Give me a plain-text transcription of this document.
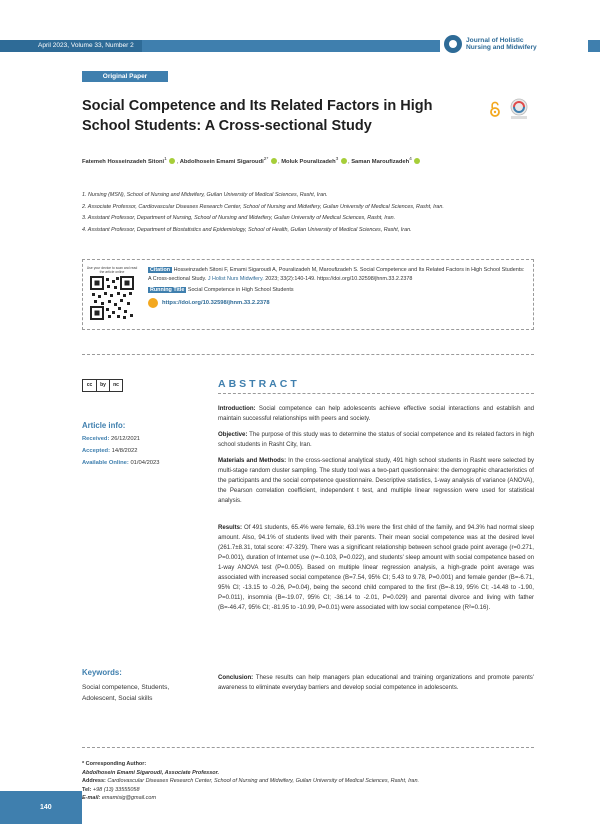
April 2023, Volume 33, Number 2
Journal of Holistic
Nursing and Midwifery
Original Paper
Social Competence and Its Related Factors in High School Students: A Cross-sectional Study
Fatemeh Hosseinzadeh Sitoni$^1$ , Abdolhosein Emami Sigaroudi$^{2*}$ , Moluk Pouralizadeh$^3$ , Saman Maroufizadeh$^4$
1. Nursing (MSN), School of Nursing and Midwifery, Guilan University of Medical Sciences, Rasht, Iran.
2. Associate Professor, Cardiovascular Diseases Research Center, School of Nursing and Midwifery, Guilan University of Medical Sciences, Rasht, Iran.
3. Assistant Professor, Department of Nursing, School of Nursing and Midwifery, Guilan University of Medical Sciences, Rasht, Iran.
4. Assistant Professor, Department of Biostatistics and Epidemiology, School of Health, Guilan University of Medical Sciences, Rasht, Iran.
Use your device to scan and read the article online	Citation Hosseinzadeh Sitoni F, Emami Sigaroudi A, Pouralizadeh M, Maroufizadeh S. Social Competence and Its Related Factors in High School Students: A Cross-sectional Study. J Holist Nurs Midwifery. 2023; 33(2):140-149. https://doi.org/10.32598/jhnm.33.2.2378
Running Title Social Competence in High School Students
https://doi.org/10.32598/jhnm.33.2.2378
cc	by	nc
Article info:
Received: 26/12/2021
Accepted: 14/8/2022
Available Online: 01/04/2023
Keywords:
Social competence, Students, Adolescent, Social skills
ABSTRACT
Introduction: Social competence can help adolescents achieve effective social interactions and establish and maintain successful relationships with peers and society.
Objective: The purpose of this study was to determine the status of social competence and its related factors in high school students in Rasht City, Iran.
Materials and Methods: In the cross-sectional analytical study, 491 high school students in Rasht were selected by multi-stage random cluster sampling. The study tool was a two-part questionnaire: the demographic characteristics of the participants and the social competence questionnaire. Descriptive statistics, 1-way analysis of variance (ANOVA), the Pearson correlation coefficient, independent t test, and multiple linear regression were used for statistical analysis.
Results: Of 491 students, 65.4% were female, 63.1% were the first child of the family, and 94.3% had normal sleep amount. Also, 94.1% of students lived with their parents. Their mean social competence was at the desired level (261.7±8.31, total score: 47-329). There was a significant relationship between school grade point average (r=0.271, P=0.001), duration of Internet use (r=-0.103, P=0.022), and students' sleep amount with social competence based on 1-way ANOVA test (P=0.005). Based on multiple linear regression analysis, a high-grade point average was associated with increased social competence (B=7.54, 95% CI; 5.43 to 9.78, P=0.001) and female gender (B=-6.71, 95% CI; -13.15 to -0.26, P=0.04), being the second child compared to the first (B=-8.19, 95% CI; -14.48 to -1.90, P=0.011), insomnia (B=-19.07, 95% CI; -36.14 to -2.01, P=0.029) and parental divorce and living with father (B=-46.47, 95% CI; -81.95 to -10.99, P=0.01) were associated with low social competence (R²=0.16).
Conclusion: These results can help managers plan educational and training organizations and promote parents' awareness to eliminate everyday barriers and develop social competence in adolescents.
* Corresponding Author:
Abdolhosein Emami Sigaroudi, Associate Professor.
Address: Cardiovascular Diseases Research Center, School of Nursing and Midwifery, Guilan University of Medical Sciences, Rasht, Iran.
Tel: +98 (13) 33555058
E-mail: emamisig@gmail.com
140
